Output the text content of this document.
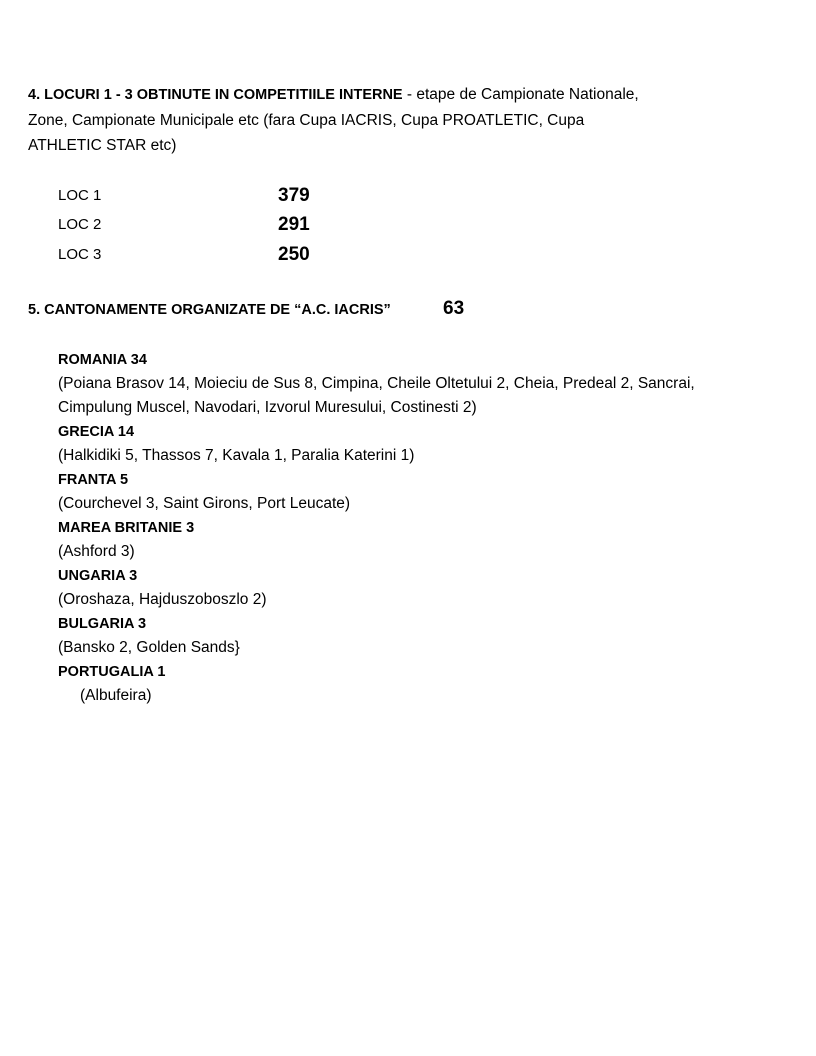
4. LOCURI 1 - 3 OBTINUTE IN COMPETITIILE INTERNE - etape de Campionate Nationale, Zone, Campionate Municipale etc (fara Cupa IACRIS, Cupa PROATLETIC, Cupa ATHLETIC STAR etc)
LOC 1	379
LOC 2	291
LOC 3	250
5. CANTONAMENTE ORGANIZATE DE “A.C. IACRIS”	63
ROMANIA 34
(Poiana Brasov 14, Moieciu de Sus 8, Cimpina, Cheile Oltetului 2, Cheia, Predeal 2, Sancrai, Cimpulung Muscel, Navodari, Izvorul Muresului, Costinesti 2)
GRECIA 14
(Halkidiki 5, Thassos 7, Kavala 1, Paralia Katerini 1)
FRANTA 5
(Courchevel 3, Saint Girons, Port Leucate)
MAREA BRITANIE 3
(Ashford 3)
UNGARIA 3
(Oroshaza, Hajduszoboszlo 2)
BULGARIA 3
(Bansko 2, Golden Sands}
PORTUGALIA 1
(Albufeira)
